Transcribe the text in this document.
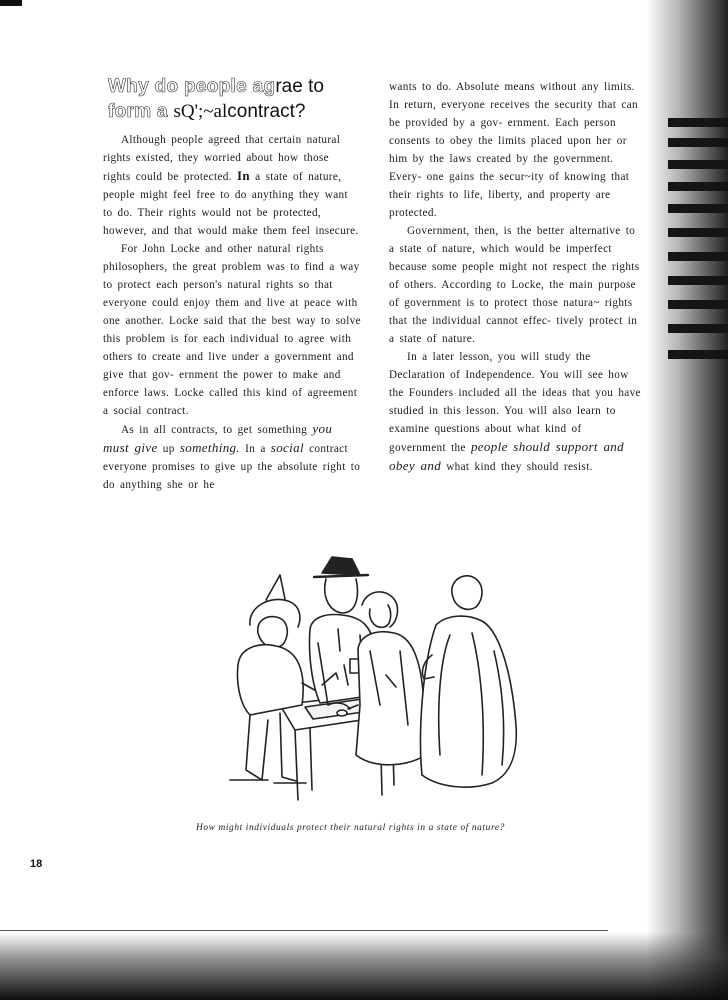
Why do people agrae to
form a sQ';~alcontract?

Although people agreed that certain natural rights existed, they worried about how those rights could be protected. In a state of nature, people might feel free to do anything they want to do. Their rights would not be protected, however, and that would make them feel insecure.

For John Locke and other natural rights philosophers, the great problem was to find a way to protect each person's natural rights so that everyone could enjoy them and live at peace with one another. Locke said that the best way to solve this problem is for each individual to agree with others to create and live under a government and give that gov- ernment the power to make and enforce laws. Locke called this kind of agreement a social contract.

As in all contracts, to get something you must give up something. In a social contract everyone promises to give up the absolute right to do anything she or he

wants to do. Absolute means without any limits. In return, everyone receives the security that can be provided by a gov- ernment. Each person consents to obey the limits placed upon her or him by the laws created by the government. Every- one gains the secur~ity of knowing that their rights to life, liberty, and property are protected.

Government, then, is the better alternative to a state of nature, which would be imperfect because some people might not respect the rights of others. According to Locke, the main purpose of government is to protect those natura~ rights that the individual cannot effec- tively protect in a state of nature.

In a later lesson, you will study the Declaration of Independence. You will see how the Founders included all the ideas that you have studied in this lesson. You will also learn to examine questions about what kind of government the people should support and obey and what kind they should resist.

How might individuals protect their natural rights in a state of nature?
18
